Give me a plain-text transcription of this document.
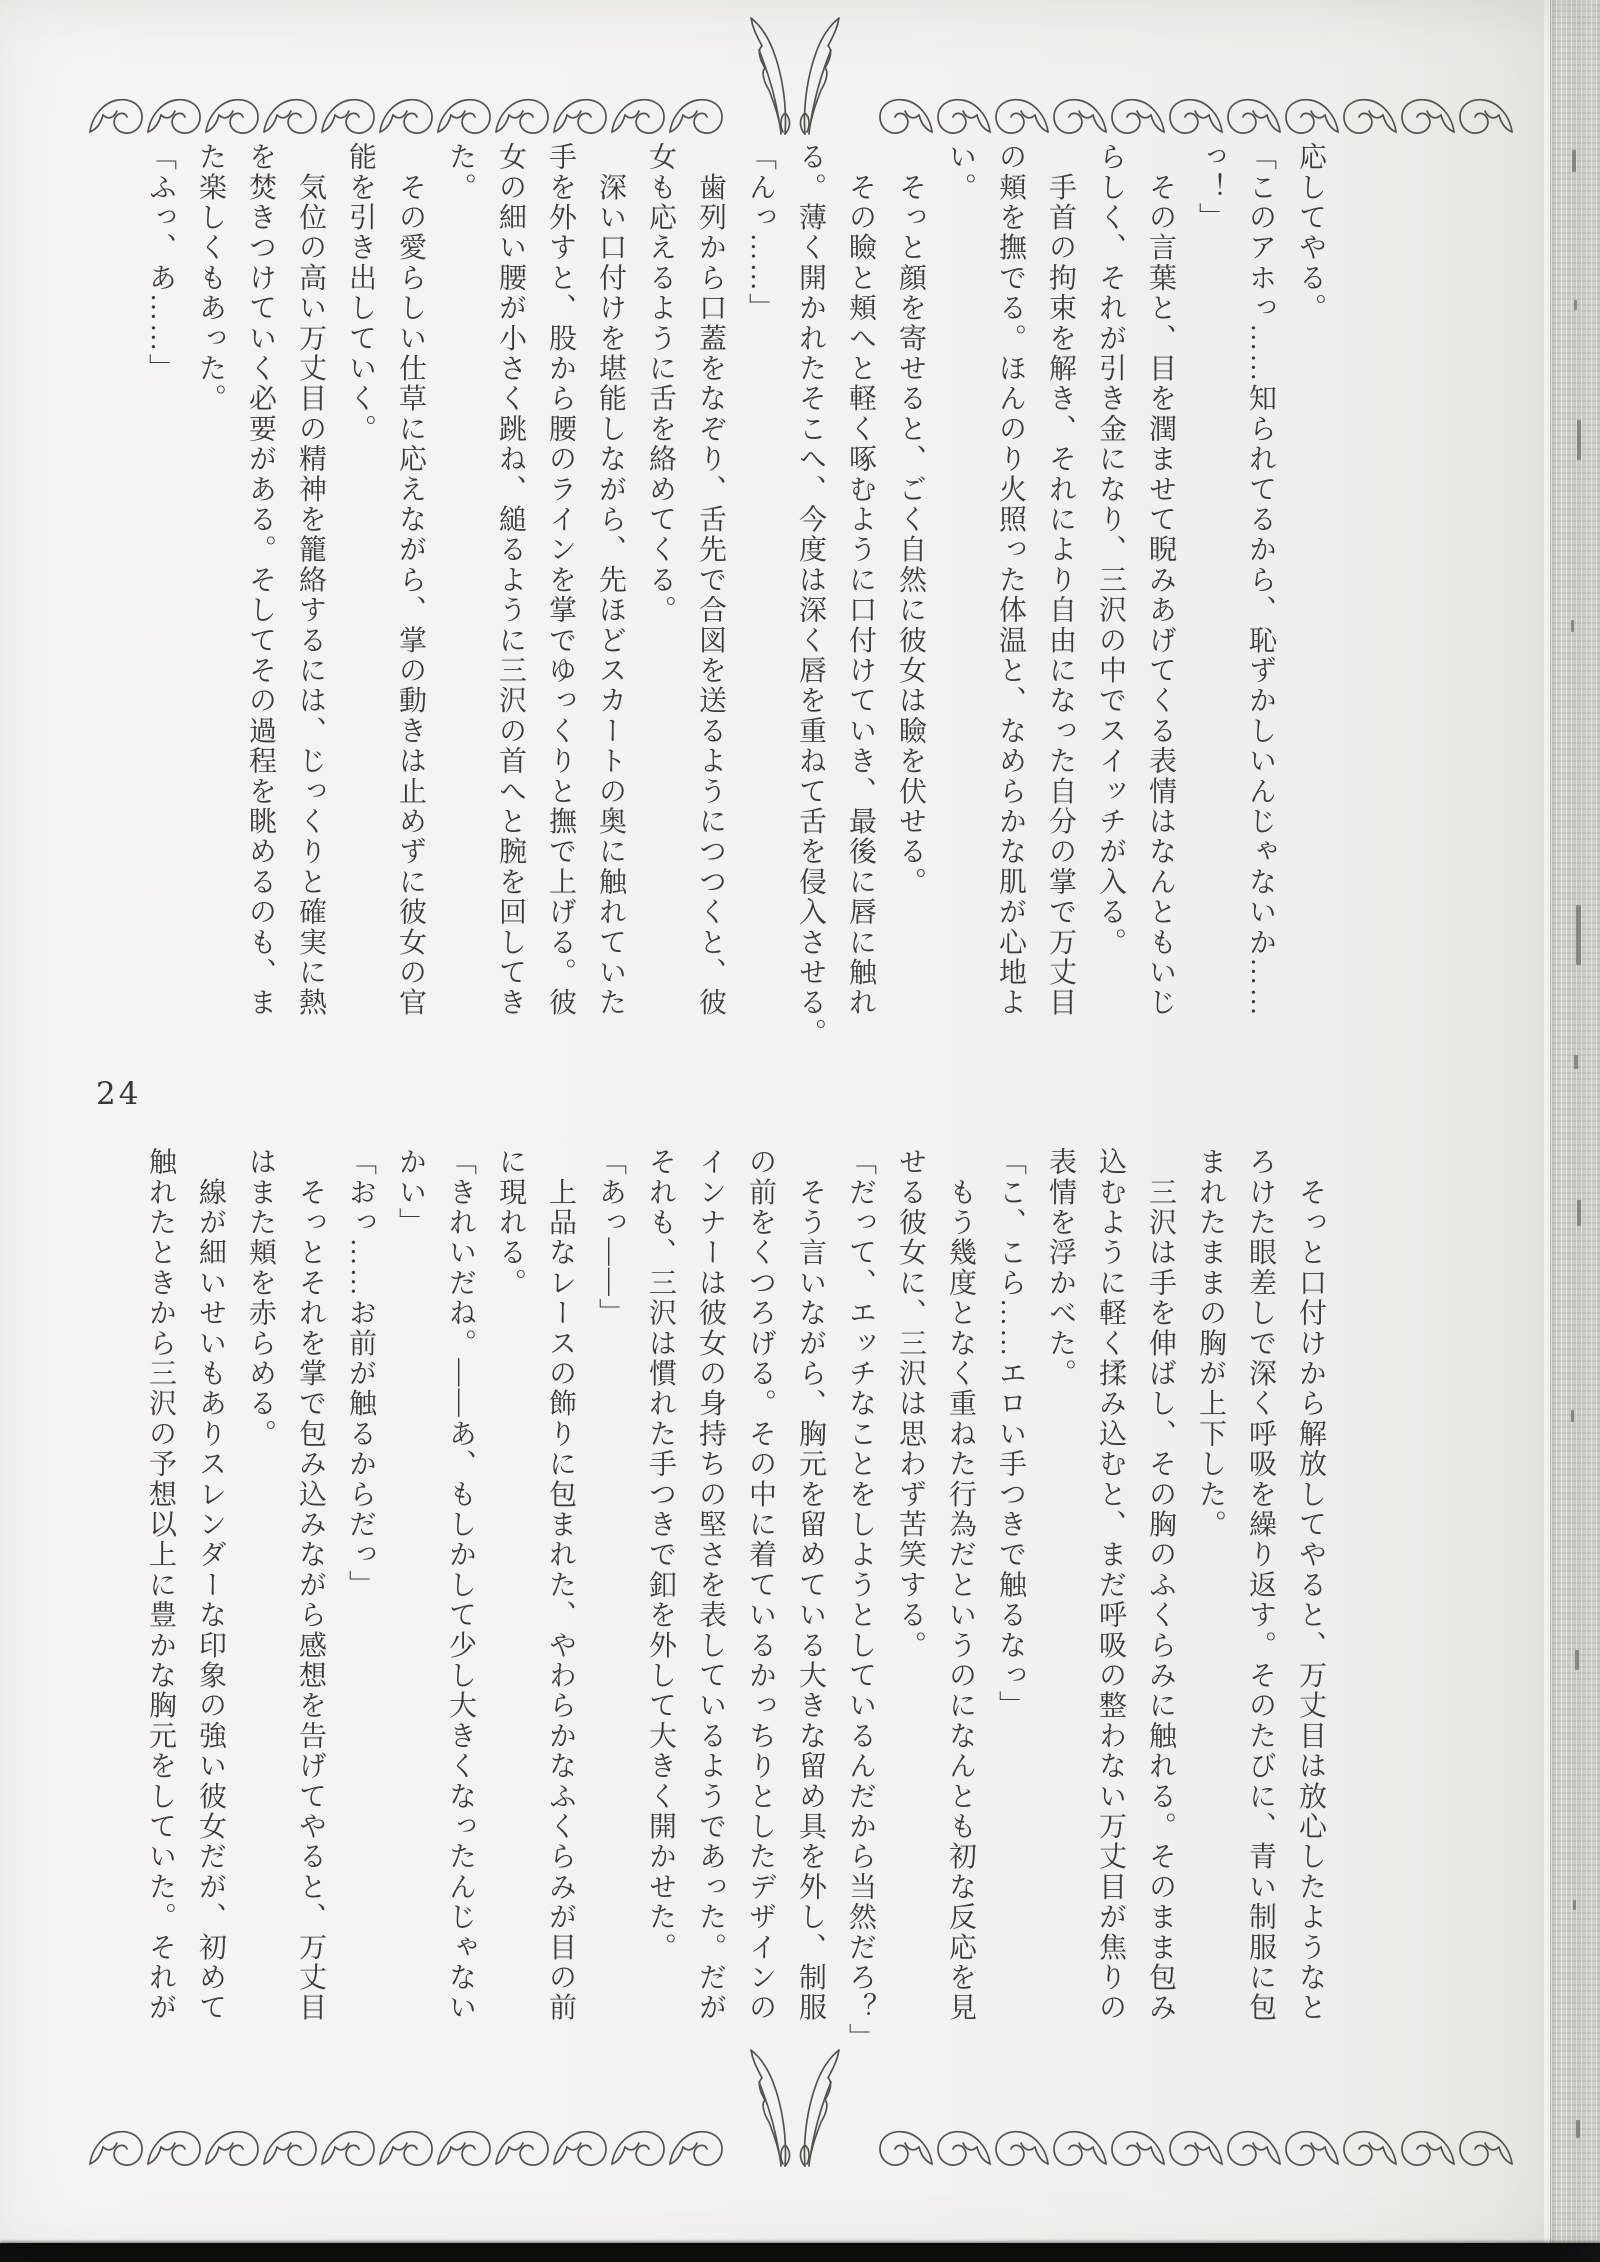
応してやる。
「このアホっ……知られてるから、恥ずかしいんじゃないか……
っ！」
　その言葉と、目を潤ませて睨みあげてくる表情はなんともいじ
らしく、それが引き金になり、三沢の中でスイッチが入る。
　手首の拘束を解き、それにより自由になった自分の掌で万丈目
の頬を撫でる。ほんのり火照った体温と、なめらかな肌が心地よ
い。
　そっと顔を寄せると、ごく自然に彼女は瞼を伏せる。
　その瞼と頬へと軽く啄むように口付けていき、最後に唇に触れ
る。薄く開かれたそこへ、今度は深く唇を重ねて舌を侵入させる。
「んっ……」
　歯列から口蓋をなぞり、舌先で合図を送るようにつつくと、彼
女も応えるように舌を絡めてくる。
　深い口付けを堪能しながら、先ほどスカートの奥に触れていた
手を外すと、股から腰のラインを掌でゆっくりと撫で上げる。彼
女の細い腰が小さく跳ね、縋るように三沢の首へと腕を回してき
た。
　その愛らしい仕草に応えながら、掌の動きは止めずに彼女の官
能を引き出していく。
　気位の高い万丈目の精神を籠絡するには、じっくりと確実に熱
を焚きつけていく必要がある。そしてその過程を眺めるのも、ま
た楽しくもあった。
「ふっ、あ……」
24
　そっと口付けから解放してやると、万丈目は放心したようなと
ろけた眼差しで深く呼吸を繰り返す。そのたびに、青い制服に包
まれたままの胸が上下した。
　三沢は手を伸ばし、その胸のふくらみに触れる。そのまま包み
込むように軽く揉み込むと、まだ呼吸の整わない万丈目が焦りの
表情を浮かべた。
「こ、こら……エロい手つきで触るなっ」
　もう幾度となく重ねた行為だというのになんとも初な反応を見
せる彼女に、三沢は思わず苦笑する。
「だって、エッチなことをしようとしているんだから当然だろ？」
　そう言いながら、胸元を留めている大きな留め具を外し、制服
の前をくつろげる。その中に着ているかっちりとしたデザインの
インナーは彼女の身持ちの堅さを表しているようであった。だが
それも、三沢は慣れた手つきで釦を外して大きく開かせた。
「あっ――」
　上品なレースの飾りに包まれた、やわらかなふくらみが目の前
に現れる。
「きれいだね。――あ、もしかして少し大きくなったんじゃない
かい」
「おっ……お前が触るからだっ」
　そっとそれを掌で包み込みながら感想を告げてやると、万丈目
はまた頬を赤らめる。
　線が細いせいもありスレンダーな印象の強い彼女だが、初めて
触れたときから三沢の予想以上に豊かな胸元をしていた。それが
